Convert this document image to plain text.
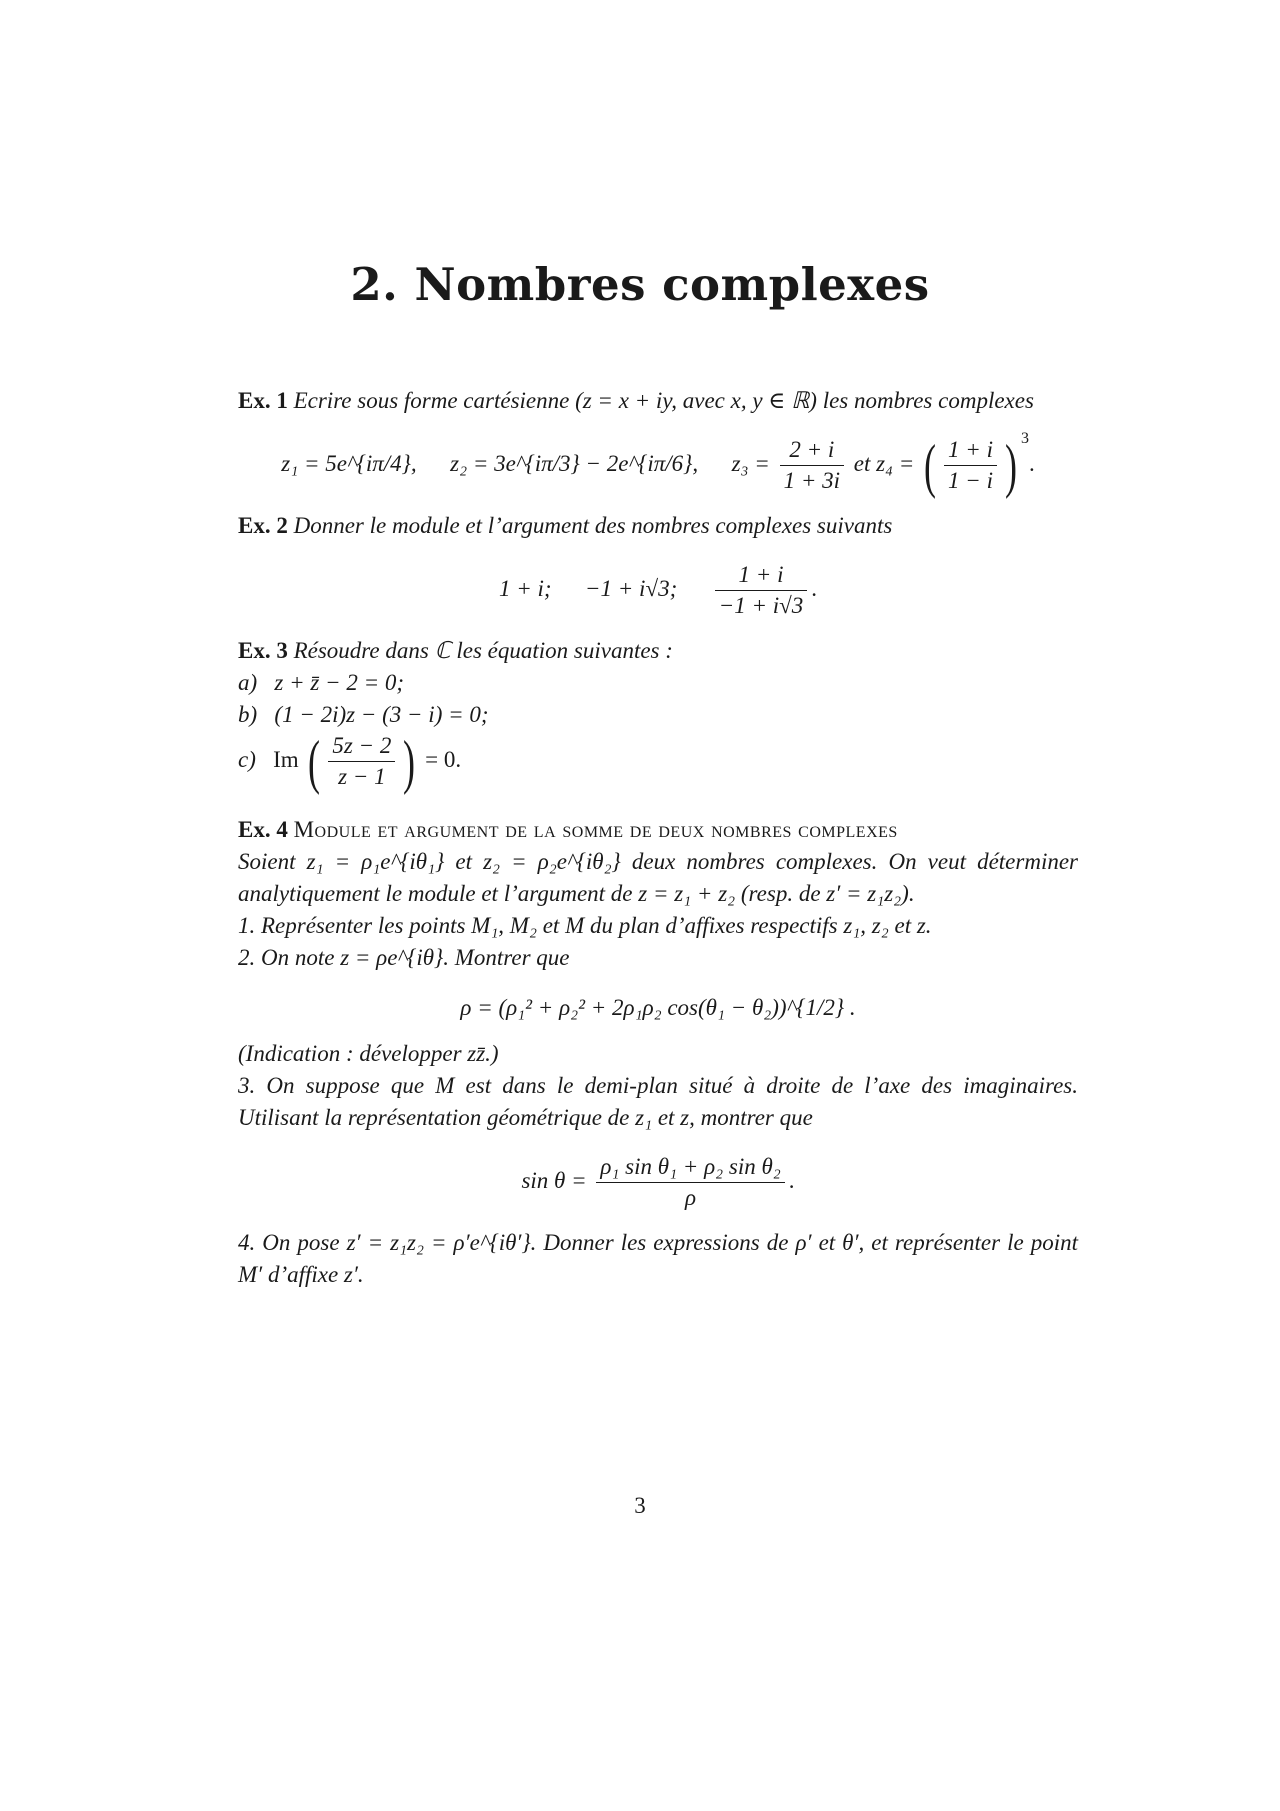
2. Nombres complexes

Ex. 1 Ecrire sous forme cartésienne (z = x + iy, avec x, y ∈ ℝ) les nombres complexes

z₁ = 5e^{iπ/4}, z₂ = 3e^{iπ/3} − 2e^{iπ/6}, $z_3 = \frac{2 + i}{1 + 3i}$ et z₄ = ( $\frac{1 + i}{1 - i}$ ) $^3$.

Ex. 2 Donner le module et l’argument des nombres complexes suivants

1 + i; −1 + i√3; $\frac{1 + i}{-1 + i√3}$ .

Ex. 3 Résoudre dans ℂ les équation suivantes :

a) z + z̄ − 2 = 0;
b) (1 − 2i)z − (3 − i) = 0;
c) Im ( $\frac{5z - 2}{z - 1}$ ) = 0.

Ex. 4 Module et argument de la somme de deux nombres complexes

Soient z₁ = ρ₁e^{iθ₁} et z₂ = ρ₂e^{iθ₂} deux nombres complexes. On veut déterminer analytiquement le module et l’argument de z = z₁ + z₂ (resp. de z′ = z₁z₂).

1. Représenter les points M₁, M₂ et M du plan d’affixes respectifs z₁, z₂ et z.

2. On note z = ρe^{iθ}. Montrer que

ρ = (ρ₁² + ρ₂² + 2ρ₁ρ₂ cos(θ₁ − θ₂))^{1/2} .

(Indication : développer zz̄.)

3. On suppose que M est dans le demi-plan situé à droite de l’axe des imaginaires. Utilisant la représentation géométrique de z₁ et z, montrer que

$\sin \theta = \frac{\text{ρ₁ sin θ₁ + ρ₂ sin θ₂}}{\rho}$ .

4. On pose z′ = z₁z₂ = ρ′e^{iθ′}. Donner les expressions de ρ′ et θ′, et représenter le point M′ d’affixe z′.

3
